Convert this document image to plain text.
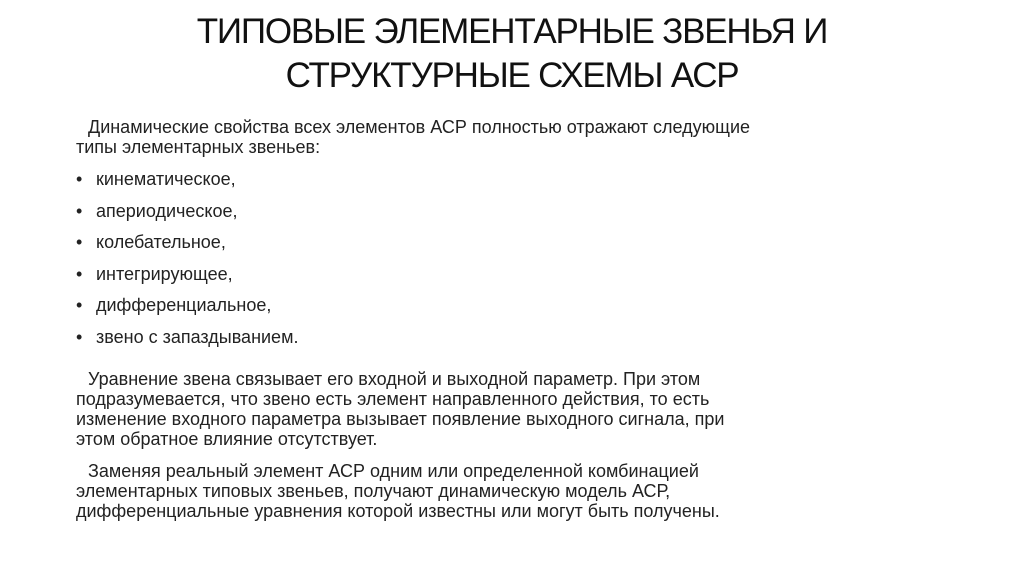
ТИПОВЫЕ ЭЛЕМЕНТАРНЫЕ ЗВЕНЬЯ И
СТРУКТУРНЫЕ СХЕМЫ АСР
Динамические свойства всех элементов АСР полностью отражают следующие
типы элементарных звеньев:
• кинематическое,
• апериодическое,
• колебательное,
• интегрирующее,
• дифференциальное,
• звено с запаздыванием.
Уравнение звена связывает его входной и выходной параметр. При этом
подразумевается, что звено есть элемент направленного действия, то есть
изменение входного параметра вызывает появление выходного сигнала, при
этом обратное влияние отсутствует.
Заменяя реальный элемент АСР одним или определенной комбинацией
элементарных типовых звеньев, получают динамическую модель АСР,
дифференциальные уравнения которой известны или могут быть получены.
